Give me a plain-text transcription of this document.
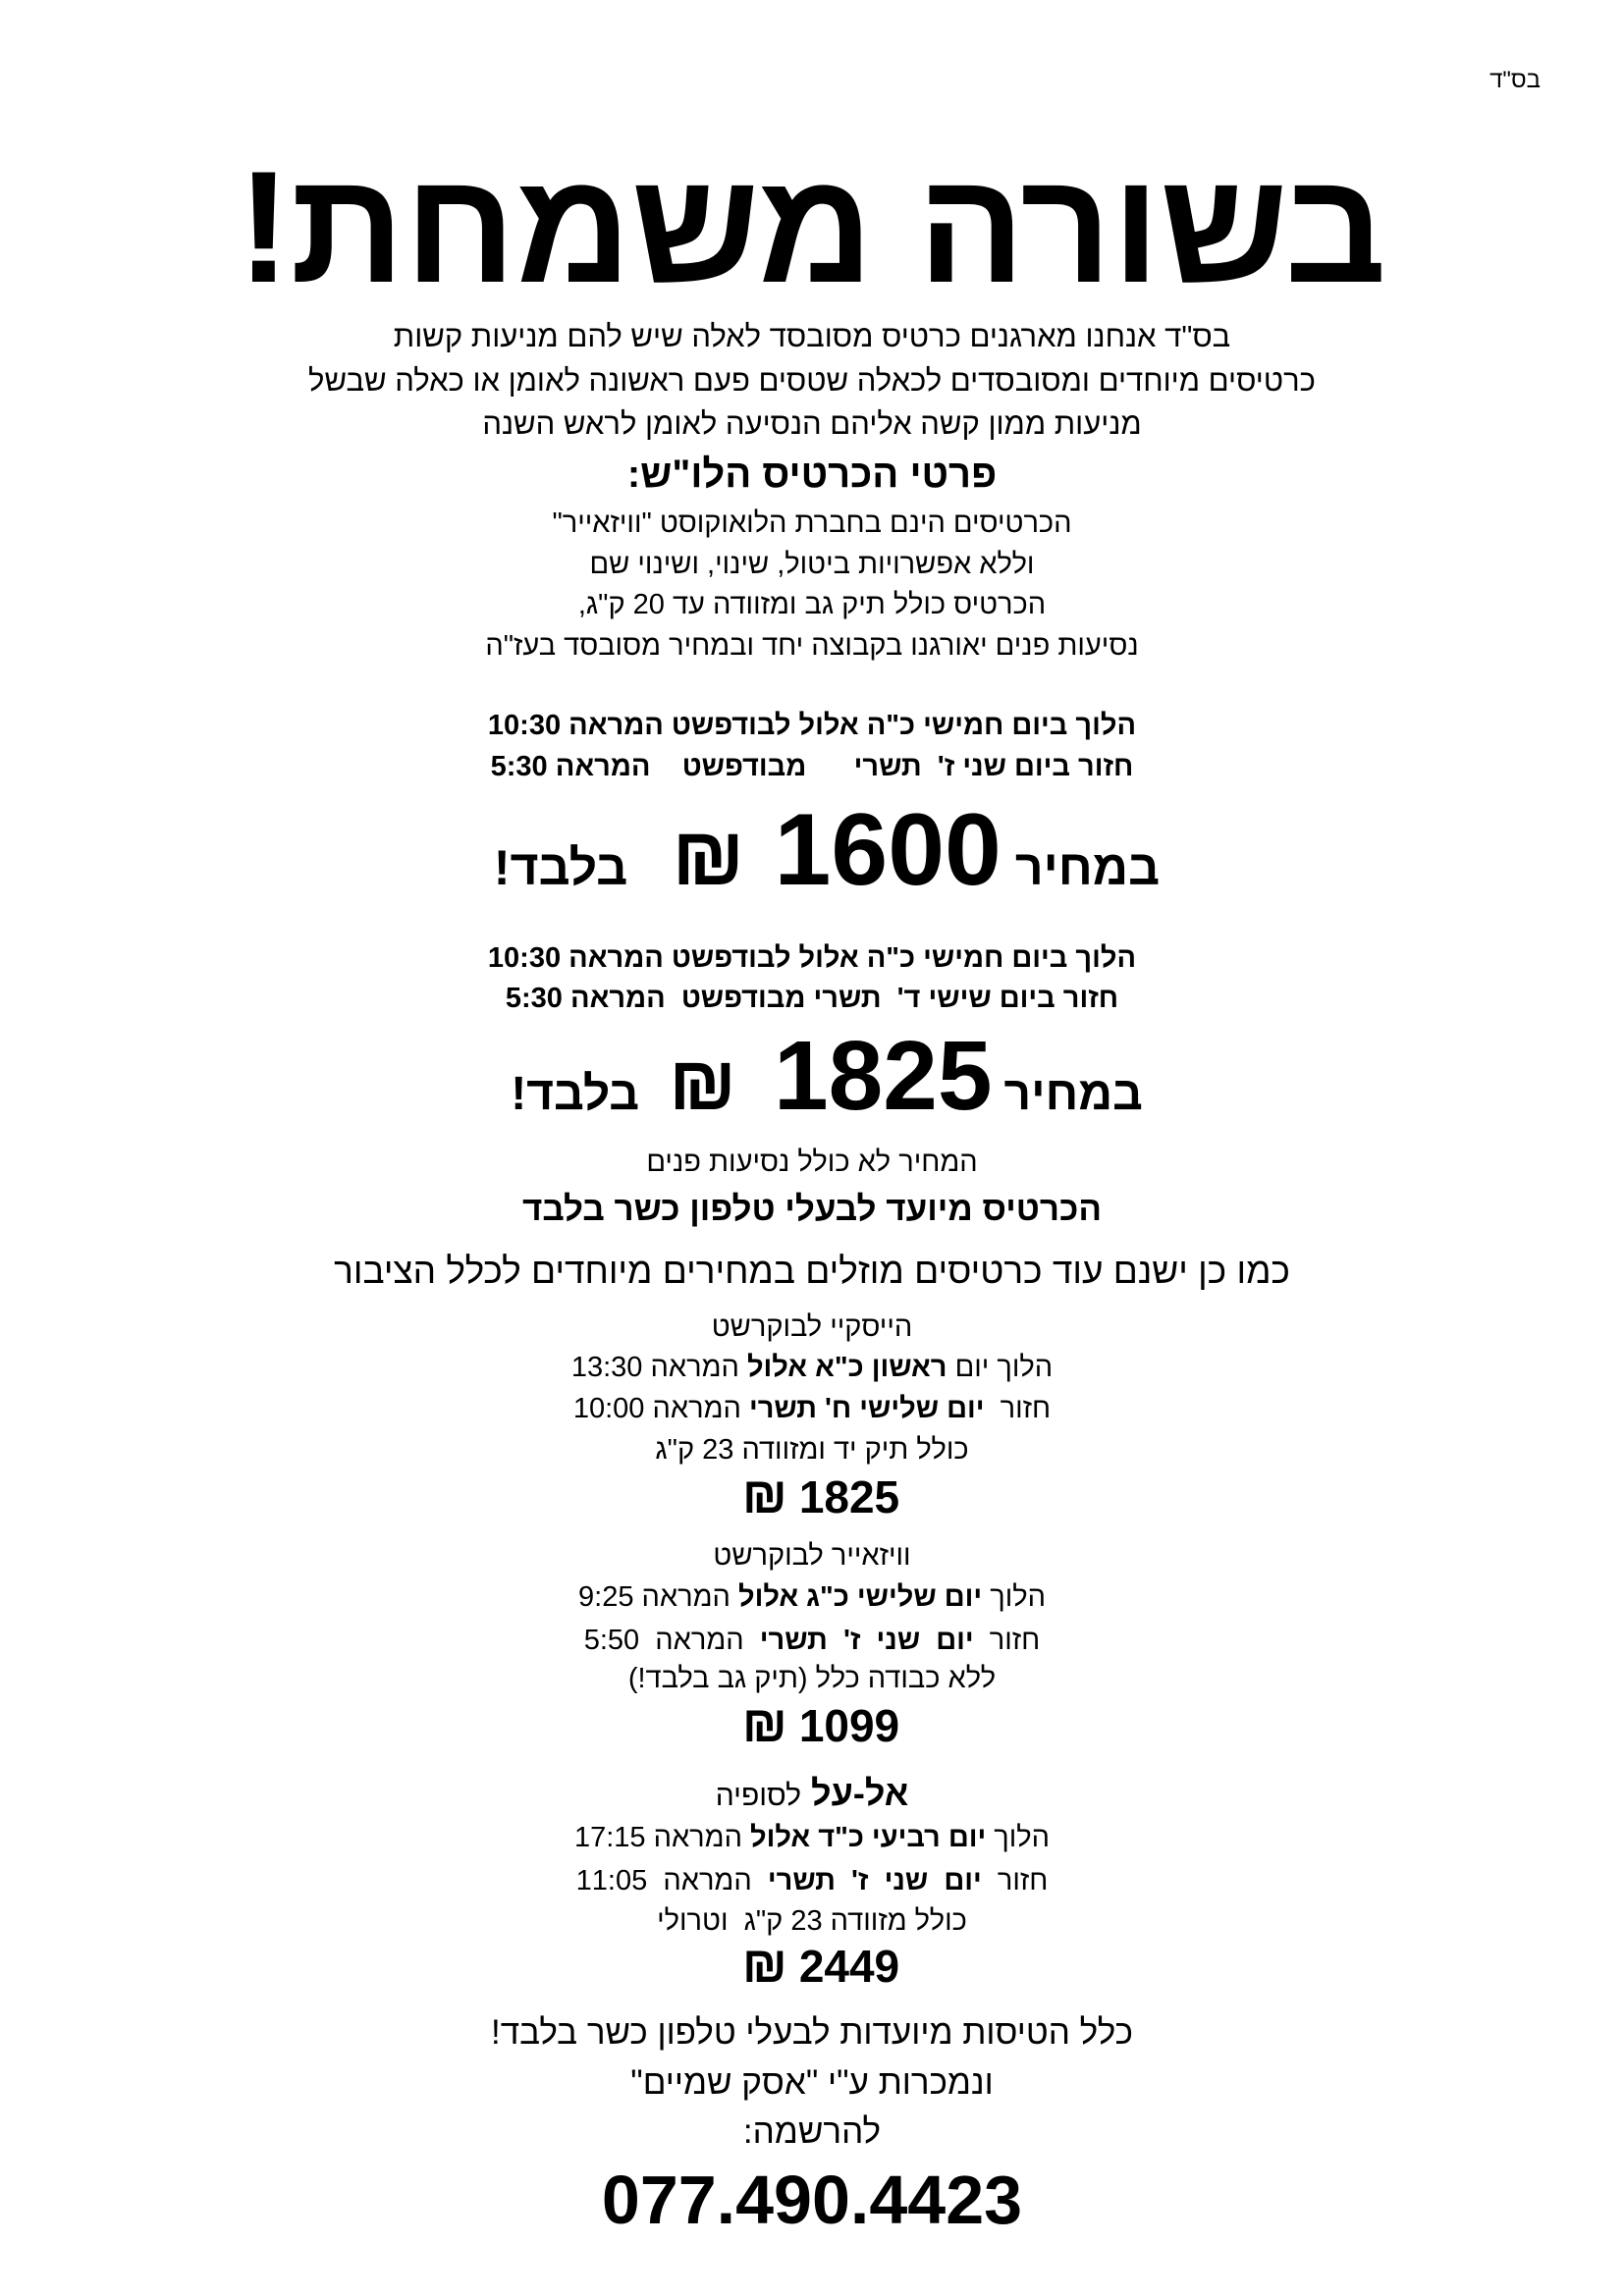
בס"ד
בשורה משמחת!
בס"ד אנחנו מארגנים כרטיס מסובסד לאלה שיש להם מניעות קשות
כרטיסים מיוחדים ומסובסדים לכאלה שטסים פעם ראשונה לאומן או כאלה שבשל
מניעות ממון קשה אליהם הנסיעה לאומן לראש השנה
פרטי הכרטיס הלו"ש:
הכרטיסים הינם בחברת הלואוקוסט "וויזאייר"
וללא אפשרויות ביטול, שינוי, ושינוי שם
הכרטיס כולל תיק גב ומזוודה עד 20 ק"ג,
נסיעות פנים יאורגנו בקבוצה יחד ובמחיר מסובסד בעז"ה
הלוך ביום חמישי כ"ה אלול לבודפשט המראה 10:30
חזור ביום שני ז'  תשרי      מבודפשט    המראה 5:30
במחיר
1600
₪
בלבד!
הלוך ביום חמישי כ"ה אלול לבודפשט המראה 10:30
חזור ביום שישי ד'  תשרי מבודפשט  המראה 5:30
במחיר
1825
₪
בלבד!
המחיר לא כולל נסיעות פנים
הכרטיס מיועד לבעלי טלפון כשר בלבד
כמו כן ישנם עוד כרטיסים מוזלים במחירים מיוחדים לכלל הציבור
הייסקיי לבוקרשט
הלוך יום ראשון כ"א אלול המראה 13:30
חזור  יום שלישי ח' תשרי המראה 10:00
כולל תיק יד ומזוודה 23 ק"ג
1825
₪
וויזאייר לבוקרשט
הלוך יום שלישי כ"ג אלול המראה 9:25
חזור  יום  שני  ז'  תשרי  המראה  5:50
ללא כבודה כלל (תיק גב בלבד!)
1099
₪
אל-על לסופיה
הלוך יום רביעי כ"ד אלול המראה 17:15
חזור  יום  שני  ז'  תשרי  המראה  11:05
כולל מזוודה 23 ק"ג  וטרולי
2449
₪
כלל הטיסות מיועדות לבעלי טלפון כשר בלבד!
ונמכרות ע"י "אסק שמיים"
להרשמה:
077.490.4423
